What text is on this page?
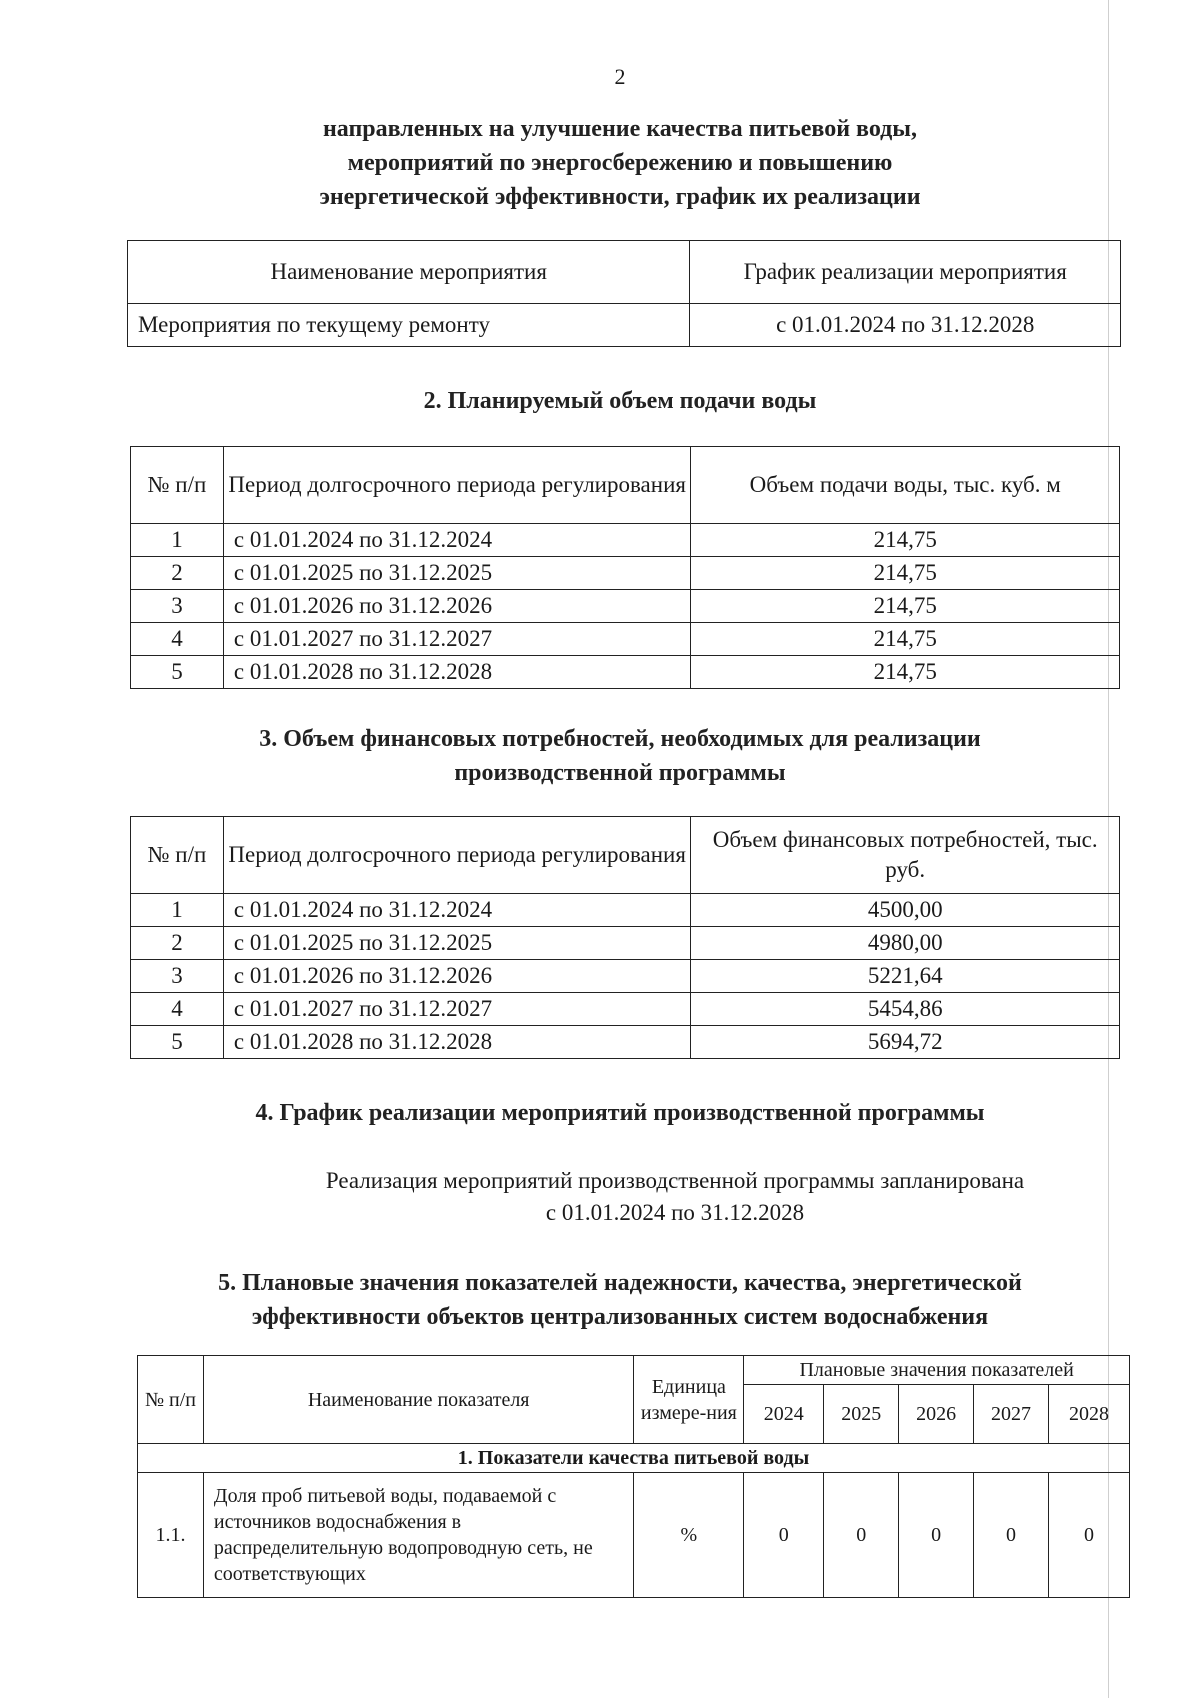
2
направленных на улучшение качества питьевой воды,
мероприятий по энергосбережению и повышению
энергетической эффективности, график их реализации
Наименование мероприятия	График реализации мероприятия
Мероприятия по текущему ремонту	с 01.01.2024 по 31.12.2028
2. Планируемый объем подачи воды
№ п/п	Период долгосрочного периода регулирования	Объем подачи воды, тыс. куб. м
1	с 01.01.2024 по 31.12.2024	214,75
2	с 01.01.2025 по 31.12.2025	214,75
3	с 01.01.2026 по 31.12.2026	214,75
4	с 01.01.2027 по 31.12.2027	214,75
5	с 01.01.2028 по 31.12.2028	214,75
3. Объем финансовых потребностей, необходимых для реализации
производственной программы
№ п/п	Период долгосрочного периода регулирования	Объем финансовых потребностей, тыс. руб.
1	с 01.01.2024 по 31.12.2024	4500,00
2	с 01.01.2025 по 31.12.2025	4980,00
3	с 01.01.2026 по 31.12.2026	5221,64
4	с 01.01.2027 по 31.12.2027	5454,86
5	с 01.01.2028 по 31.12.2028	5694,72
4. График реализации мероприятий производственной программы
Реализация мероприятий производственной программы запланирована
с 01.01.2024 по 31.12.2028
5. Плановые значения показателей надежности, качества, энергетической
эффективности объектов централизованных систем водоснабжения
№ п/п	Наименование показателя	Единица измере-ния	Плановые значения показателей				
			2024	2025	2026	2027	2028
1. Показатели качества питьевой воды							
1.1.	Доля проб питьевой воды, подаваемой с источников водоснабжения в распределительную водопроводную сеть, не соответствующих	%	0	0	0	0	0
